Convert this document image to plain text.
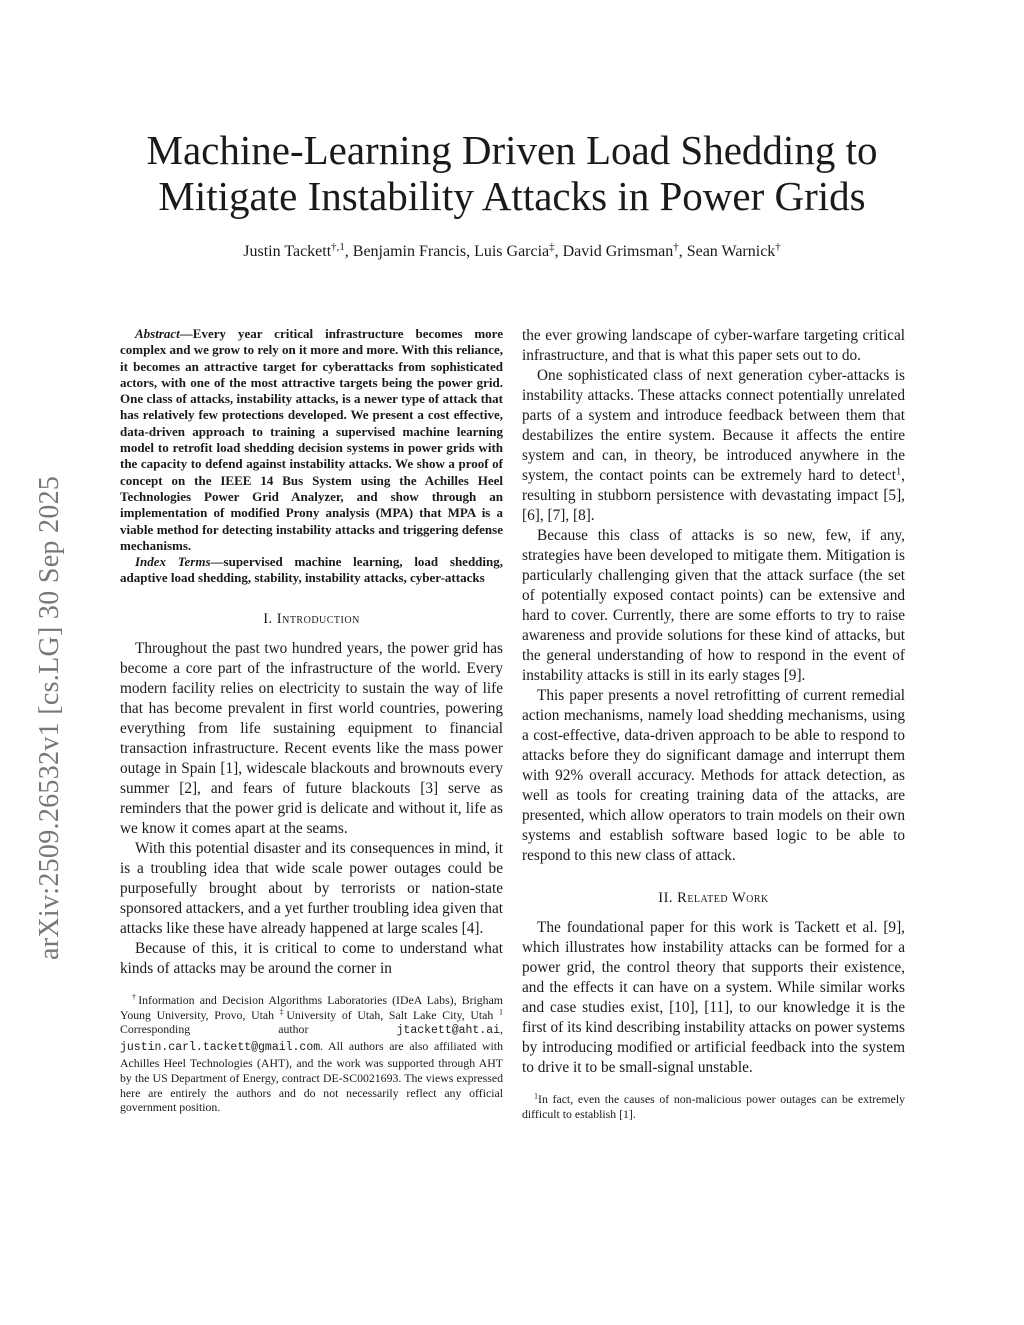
arXiv:2509.26532v1 [cs.LG] 30 Sep 2025
Machine-Learning Driven Load Shedding to
Mitigate Instability Attacks in Power Grids
Justin Tackett$^{\dagger,1}$, Benjamin Francis, Luis Garcia‡, David Grimsman†, Sean Warnick†

Abstract—Every year critical infrastructure becomes more complex and we grow to rely on it more and more. With this reliance, it becomes an attractive target for cyberattacks from sophisticated actors, with one of the most attractive targets being the power grid. One class of attacks, instability attacks, is a newer type of attack that has relatively few protections developed. We present a cost effective, data-driven approach to training a supervised machine learning model to retrofit load shedding decision systems in power grids with the capacity to defend against instability attacks. We show a proof of concept on the IEEE 14 Bus System using the Achilles Heel Technologies Power Grid Analyzer, and show through an implementation of modified Prony analysis (MPA) that MPA is a viable method for detecting instability attacks and triggering defense mechanisms.

Index Terms—supervised machine learning, load shedding, adaptive load shedding, stability, instability attacks, cyber-attacks

I. Introduction

Throughout the past two hundred years, the power grid has become a core part of the infrastructure of the world. Every modern facility relies on electricity to sustain the way of life that has become prevalent in first world countries, powering everything from life sustaining equipment to financial transaction infrastructure. Recent events like the mass power outage in Spain [1], widescale blackouts and brownouts every summer [2], and fears of future blackouts [3] serve as reminders that the power grid is delicate and without it, life as we know it comes apart at the seams.

With this potential disaster and its consequences in mind, it is a troubling idea that wide scale power outages could be purposefully brought about by terrorists or nation-state sponsored attackers, and a yet further troubling idea given that attacks like these have already happened at large scales [4].

Because of this, it is critical to come to understand what kinds of attacks may be around the corner in

†Information and Decision Algorithms Laboratories (IDeA Labs), Brigham Young University, Provo, Utah ‡University of Utah, Salt Lake City, Utah $^1$ Corresponding author jtackett@aht.ai, justin.carl.tackett@gmail.com. All authors are also affiliated with Achilles Heel Technologies (AHT), and the work was supported through AHT by the US Department of Energy, contract DE-SC0021693. The views expressed here are entirely the authors and do not necessarily reflect any official government position.

the ever growing landscape of cyber-warfare targeting critical infrastructure, and that is what this paper sets out to do.

One sophisticated class of next generation cyber-attacks is instability attacks. These attacks connect potentially unrelated parts of a system and introduce feedback between them that destabilizes the entire system. Because it affects the entire system and can, in theory, be introduced anywhere in the system, the contact points can be extremely hard to detect$^1$, resulting in stubborn persistence with devastating impact [5], [6], [7], [8].

Because this class of attacks is so new, few, if any, strategies have been developed to mitigate them. Mitigation is particularly challenging given that the attack surface (the set of potentially exposed contact points) can be extensive and hard to cover. Currently, there are some efforts to try to raise awareness and provide solutions for these kind of attacks, but the general understanding of how to respond in the event of instability attacks is still in its early stages [9].

This paper presents a novel retrofitting of current remedial action mechanisms, namely load shedding mechanisms, using a cost-effective, data-driven approach to be able to respond to attacks before they do significant damage and interrupt them with 92% overall accuracy. Methods for attack detection, as well as tools for creating training data of the attacks, are presented, which allow operators to train models on their own systems and establish software based logic to be able to respond to this new class of attack.

II. Related Work

The foundational paper for this work is Tackett et al. [9], which illustrates how instability attacks can be formed for a power grid, the control theory that supports their existence, and the effects it can have on a system. While similar works and case studies exist, [10], [11], to our knowledge it is the first of its kind describing instability attacks on power systems by introducing modified or artificial feedback into the system to drive it to be small-signal unstable.

$^1$In fact, even the causes of non-malicious power outages can be extremely difficult to establish [1].
